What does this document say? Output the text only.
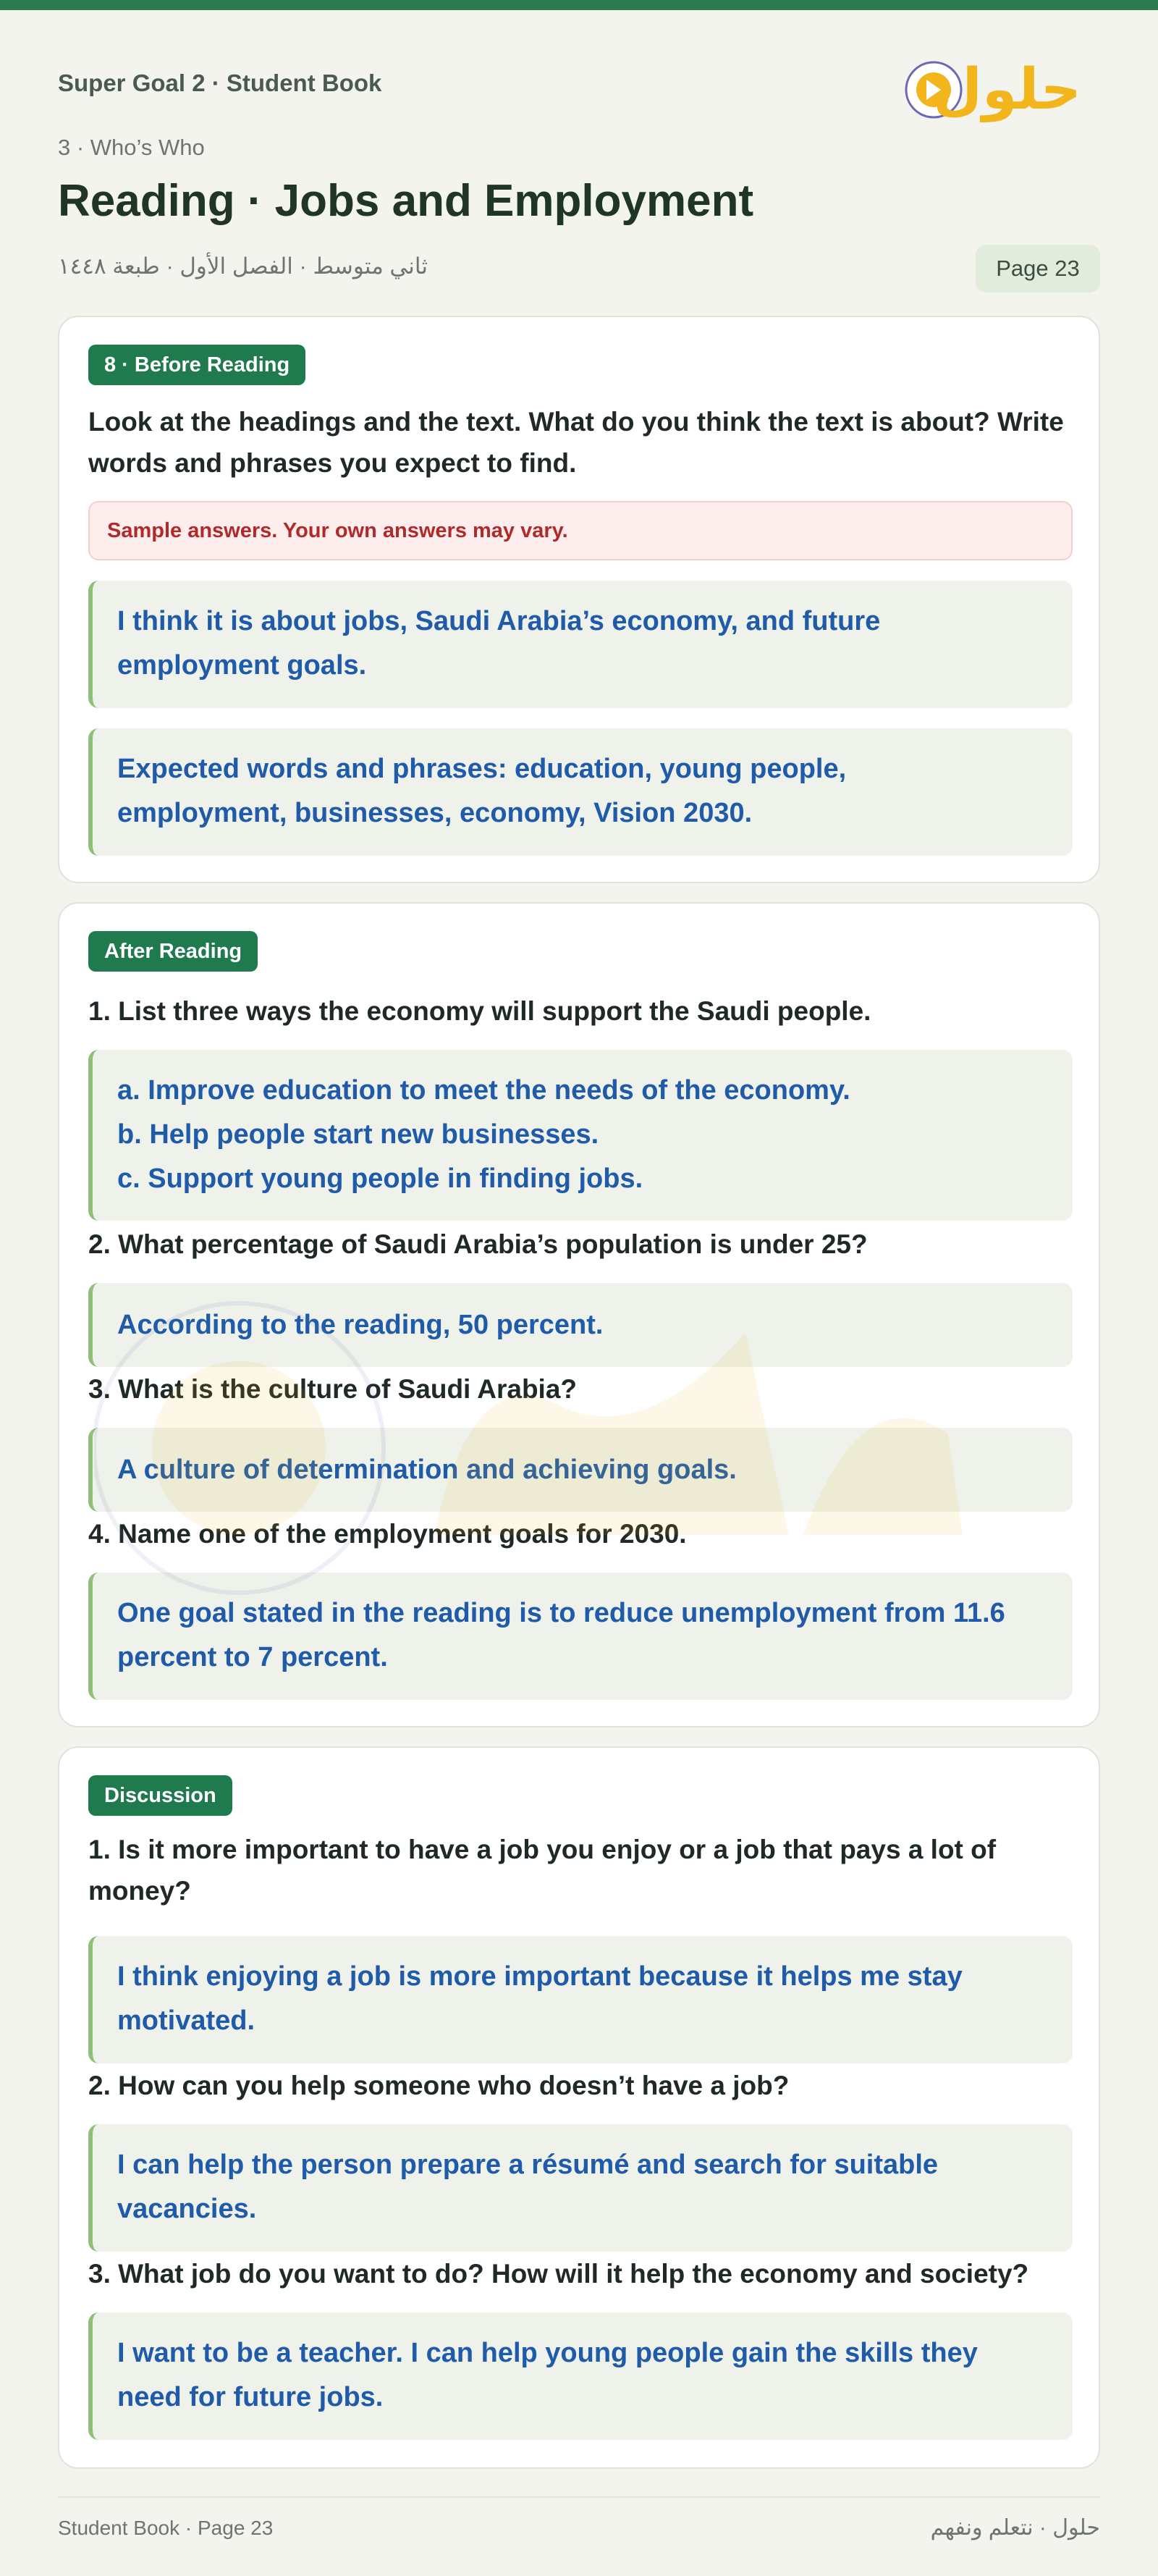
Super Goal 2 · Student Book
3 · Who’s Who
Reading · Jobs and Employment
ثاني متوسط · الفصل الأول · طبعة ١٤٤٨	Page 23
حلول
8 · Before Reading
Look at the headings and the text. What do you think the text is about? Write words and phrases you expect to find.
Sample answers. Your own answers may vary.
I think it is about jobs, Saudi Arabia’s economy, and future
employment goals.
Expected words and phrases: education, young people,
employment, businesses, economy, Vision 2030.
After Reading
1. List three ways the economy will support the Saudi people.
a. Improve education to meet the needs of the economy.
b. Help people start new businesses.
c. Support young people in finding jobs.
2. What percentage of Saudi Arabia’s population is under 25?
According to the reading, 50 percent.
3. What is the culture of Saudi Arabia?
A culture of determination and achieving goals.
4. Name one of the employment goals for 2030.
One goal stated in the reading is to reduce unemployment from 11.6
percent to 7 percent.
Discussion
1. Is it more important to have a job you enjoy or a job that pays a lot of
money?
I think enjoying a job is more important because it helps me stay
motivated.
2. How can you help someone who doesn’t have a job?
I can help the person prepare a résumé and search for suitable
vacancies.
3. What job do you want to do? How will it help the economy and society?
I want to be a teacher. I can help young people gain the skills they
need for future jobs.
Student Book · Page 23	حلول · نتعلم ونفهم
